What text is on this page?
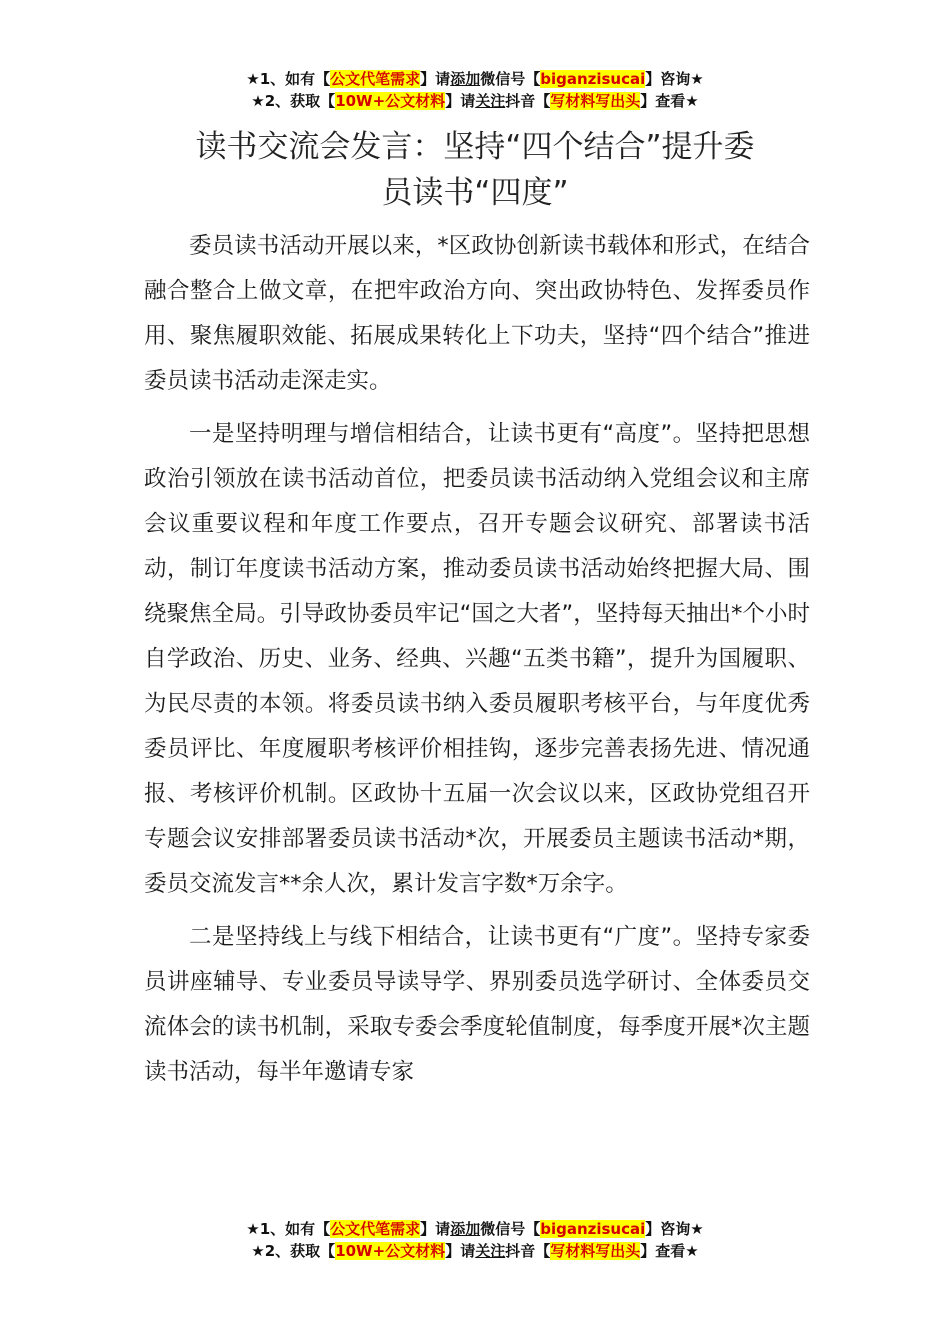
★1、如有【公文代笔需求】请添加微信号【biganzisucai】咨询★
★2、获取【10W+公文材料】请关注抖音【写材料写出头】查看★
读书交流会发言：坚持“四个结合”提升委
员读书“四度”

委员读书活动开展以来，*区政协创新读书载体和形式，在结合融合整合上做文章，在把牢政治方向、突出政协特色、发挥委员作用、聚焦履职效能、拓展成果转化上下功夫，坚持“四个结合”推进委员读书活动走深走实。

一是坚持明理与增信相结合，让读书更有“高度”。坚持把思想政治引领放在读书活动首位，把委员读书活动纳入党组会议和主席会议重要议程和年度工作要点，召开专题会议研究、部署读书活动，制订年度读书活动方案，推动委员读书活动始终把握大局、围绕聚焦全局。引导政协委员牢记“国之大者”，坚持每天抽出*个小时自学政治、历史、业务、经典、兴趣“五类书籍”，提升为国履职、为民尽责的本领。将委员读书纳入委员履职考核平台，与年度优秀委员评比、年度履职考核评价相挂钩，逐步完善表扬先进、情况通报、考核评价机制。区政协十五届一次会议以来，区政协党组召开专题会议安排部署委员读书活动*次，开展委员主题读书活动*期，委员交流发言**余人次，累计发言字数*万余字。

二是坚持线上与线下相结合，让读书更有“广度”。坚持专家委员讲座辅导、专业委员导读导学、界别委员选学研讨、全体委员交流体会的读书机制，采取专委会季度轮值制度，每季度开展*次主题读书活动，每半年邀请专家

★1、如有【公文代笔需求】请添加微信号【biganzisucai】咨询★
★2、获取【10W+公文材料】请关注抖音【写材料写出头】查看★
